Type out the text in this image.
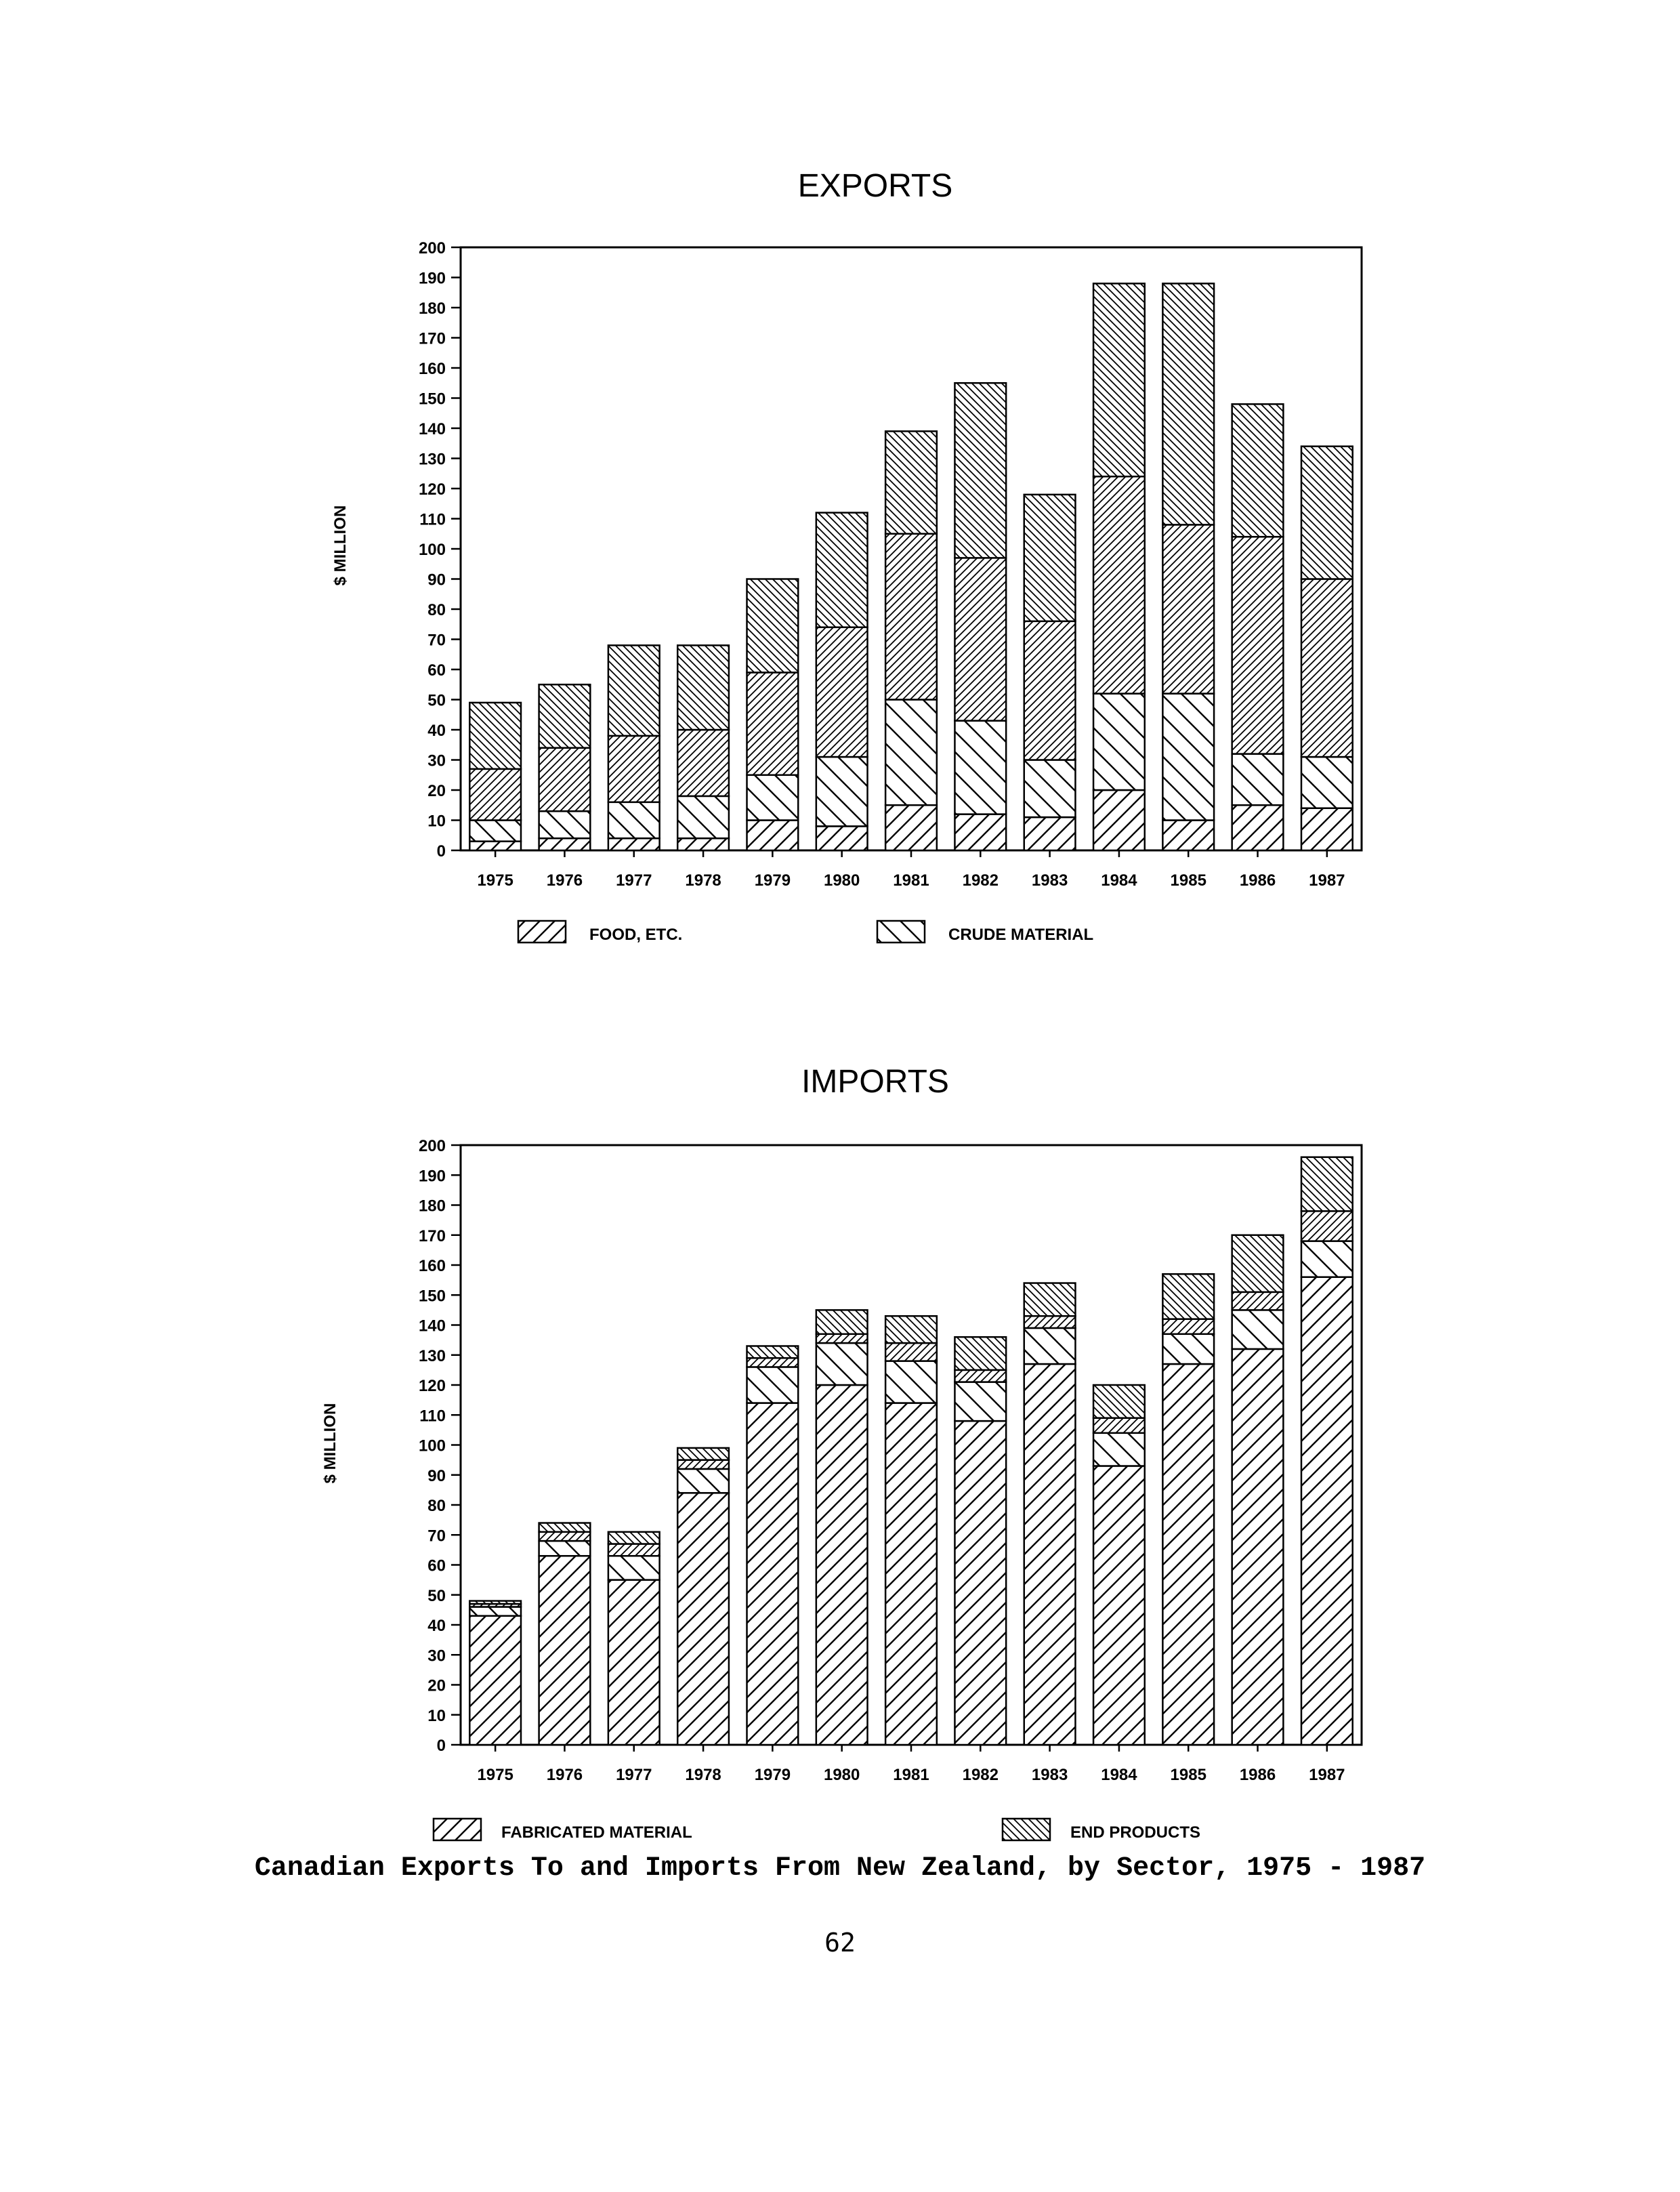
EXPORTS
$ MILLION
0
10
20
30
40
50
60
70
80
90
100
110
120
130
140
150
160
170
180
190
200
1975 1976 1977 1978 1979 1980 1981 1982 1983 1984 1985 1986 1987
FOOD, ETC.	CRUDE MATERIAL
IMPORTS
$ MILLION
0
10
20
30
40
50
60
70
80
90
100
110
120
130
140
150
160
170
180
190
200
1975 1976 1977 1978 1979 1980 1981 1982 1983 1984 1985 1986 1987
FABRICATED MATERIAL	END PRODUCTS
Canadian Exports To and Imports From New Zealand, by Sector, 1975 - 1987
62
